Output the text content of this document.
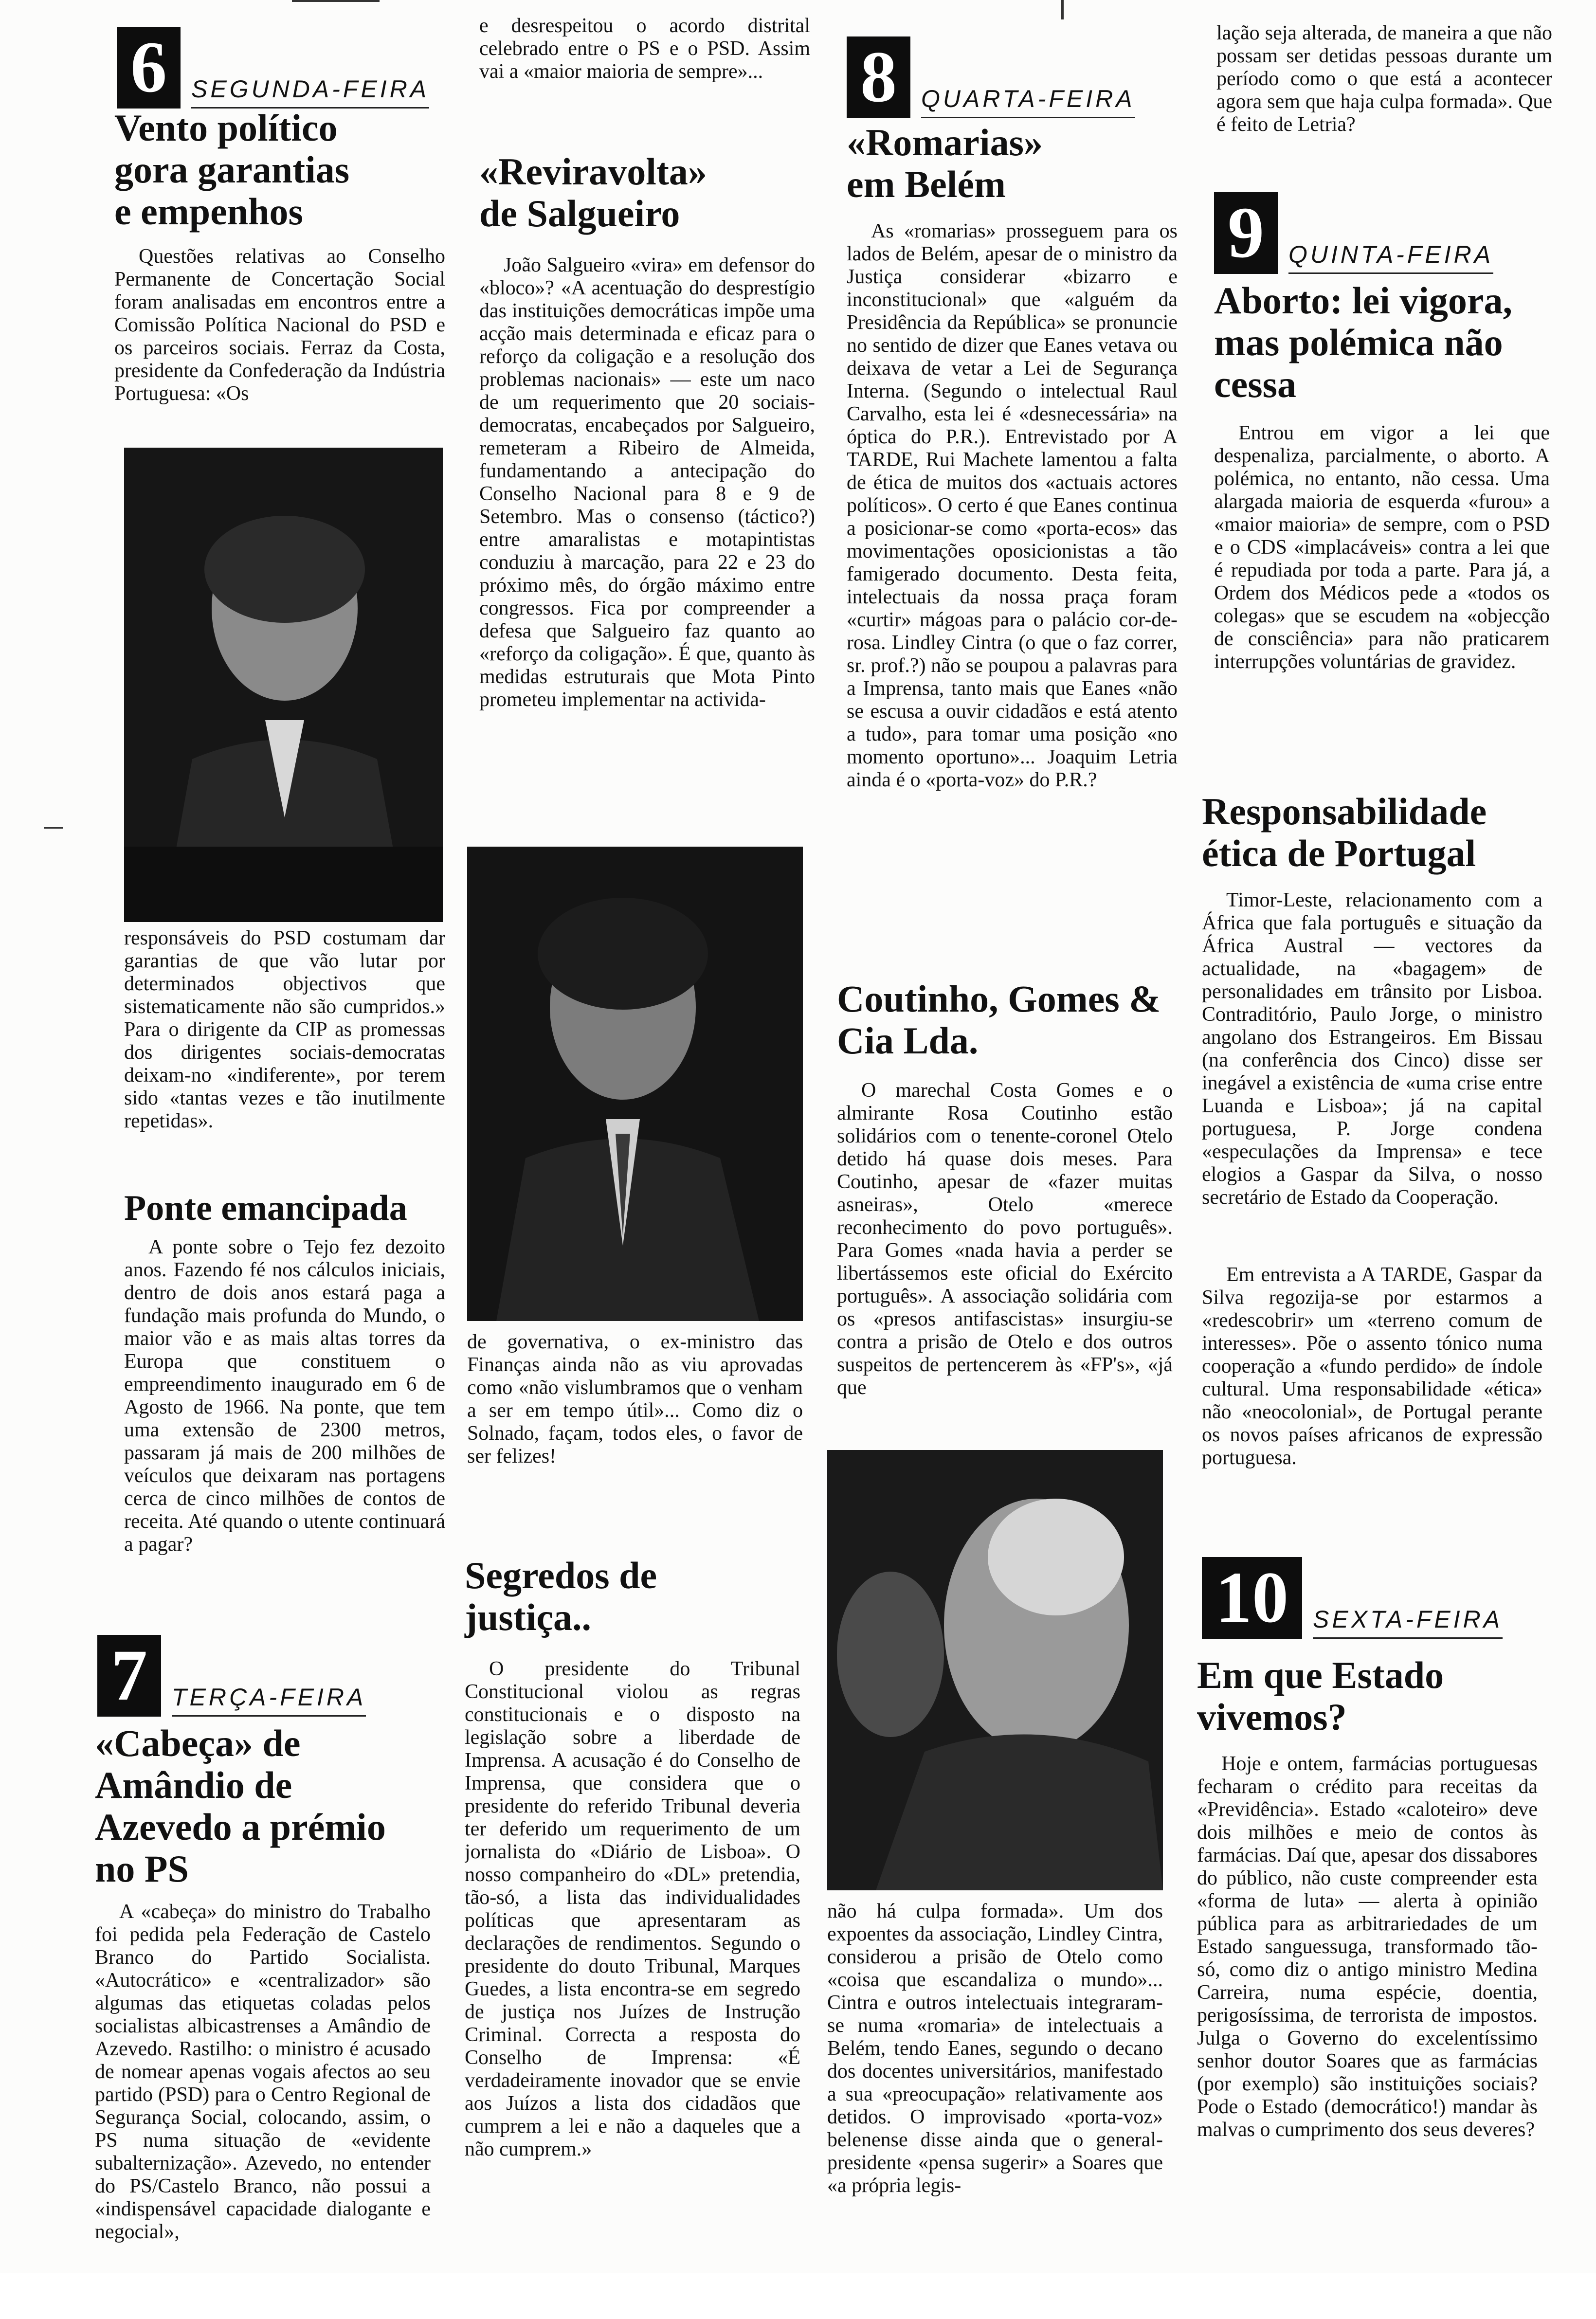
6	SEGUNDA-FEIRA
Vento político gora garantias e empenhos

Questões relativas ao Conselho Permanente de Concertação Social foram analisadas em encontros entre a Comissão Política Nacional do PSD e os parceiros sociais. Ferraz da Costa, presidente da Confederação da Indústria Portuguesa: «Os

responsáveis do PSD costumam dar garantias de que vão lutar por determinados objectivos que sistematicamente não são cumpridos.» Para o dirigente da CIP as promessas dos dirigentes sociais-democratas deixam-no «indiferente», por terem sido «tantas vezes e tão inutilmente repetidas».

Ponte emancipada

A ponte sobre o Tejo fez dezoito anos. Fazendo fé nos cálculos iniciais, dentro de dois anos estará paga a fundação mais profunda do Mundo, o maior vão e as mais altas torres da Europa que constituem o empreendimento inaugurado em 6 de Agosto de 1966. Na ponte, que tem uma extensão de 2300 metros, passaram já mais de 200 milhões de veículos que deixaram nas portagens cerca de cinco milhões de contos de receita. Até quando o utente continuará a pagar?

7	TERÇA-FEIRA
«Cabeça» de Amândio de Azevedo a prémio no PS

A «cabeça» do ministro do Trabalho foi pedida pela Federação de Castelo Branco do Partido Socialista. «Autocrático» e «centralizador» são algumas das etiquetas coladas pelos socialistas albicastrenses a Amândio de Azevedo. Rastilho: o ministro é acusado de nomear apenas vogais afectos ao seu partido (PSD) para o Centro Regional de Segurança Social, colocando, assim, o PS numa situação de «evidente subalternização». Azevedo, no entender do PS/Castelo Branco, não possui a «indispensável capacidade dialogante e negocial»,

e desrespeitou o acordo distrital celebrado entre o PS e o PSD. Assim vai a «maior maioria de sempre»...

«Reviravolta» de Salgueiro

João Salgueiro «vira» em defensor do «bloco»? «A acentuação do desprestígio das instituições democráticas impõe uma acção mais determinada e eficaz para o reforço da coligação e a resolução dos problemas nacionais» — este um naco de um requerimento que 20 sociais-democratas, encabeçados por Salgueiro, remeteram a Ribeiro de Almeida, fundamentando a antecipação do Conselho Nacional para 8 e 9 de Setembro. Mas o consenso (táctico?) entre amaralistas e motapintistas conduziu à marcação, para 22 e 23 do próximo mês, do órgão máximo entre congressos. Fica por compreender a defesa que Salgueiro faz quanto ao «reforço da coligação». É que, quanto às medidas estruturais que Mota Pinto prometeu implementar na activida-

de governativa, o ex-ministro das Finanças ainda não as viu aprovadas como «não vislumbramos que o venham a ser em tempo útil»... Como diz o Solnado, façam, todos eles, o favor de ser felizes!

Segredos de justiça..

O presidente do Tribunal Constitucional violou as regras constitucionais e o disposto na legislação sobre a liberdade de Imprensa. A acusação é do Conselho de Imprensa, que considera que o presidente do referido Tribunal deveria ter deferido um requerimento de um jornalista do «Diário de Lisboa». O nosso companheiro do «DL» pretendia, tão-só, a lista das individualidades políticas que apresentaram as declarações de rendimentos. Segundo o presidente do douto Tribunal, Marques Guedes, a lista encontra-se em segredo de justiça nos Juízes de Instrução Criminal. Correcta a resposta do Conselho de Imprensa: «É verdadeiramente inovador que se envie aos Juízos a lista dos cidadãos que cumprem a lei e não a daqueles que a não cumprem.»

8	QUARTA-FEIRA
«Romarias» em Belém

As «romarias» prosseguem para os lados de Belém, apesar de o ministro da Justiça considerar «bizarro e inconstitucional» que «alguém da Presidência da República» se pronuncie no sentido de dizer que Eanes vetava ou deixava de vetar a Lei de Segurança Interna. (Segundo o intelectual Raul Carvalho, esta lei é «desnecessária» na óptica do P.R.). Entrevistado por A TARDE, Rui Machete lamentou a falta de ética de muitos dos «actuais actores políticos». O certo é que Eanes continua a posicionar-se como «porta-ecos» das movimentações oposicionistas a tão famigerado documento. Desta feita, intelectuais da nossa praça foram «curtir» mágoas para o palácio cor-de-rosa. Lindley Cintra (o que o faz correr, sr. prof.?) não se poupou a palavras para a Imprensa, tanto mais que Eanes «não se escusa a ouvir cidadãos e está atento a tudo», para tomar uma posição «no momento oportuno»... Joaquim Letria ainda é o «porta-voz» do P.R.?

Coutinho, Gomes & Cia Lda.

O marechal Costa Gomes e o almirante Rosa Coutinho estão solidários com o tenente-coronel Otelo detido há quase dois meses. Para Coutinho, apesar de «fazer muitas asneiras», Otelo «merece reconhecimento do povo português». Para Gomes «nada havia a perder se libertássemos este oficial do Exército português». A associação solidária com os «presos antifascistas» insurgiu-se contra a prisão de Otelo e dos outros suspeitos de pertencerem às «FP's», «já que

não há culpa formada». Um dos expoentes da associação, Lindley Cintra, considerou a prisão de Otelo como «coisa que escandaliza o mundo»... Cintra e outros intelectuais integraram-se numa «romaria» de intelectuais a Belém, tendo Eanes, segundo o decano dos docentes universitários, manifestado a sua «preocupação» relativamente aos detidos. O improvisado «porta-voz» belenense disse ainda que o general-presidente «pensa sugerir» a Soares que «a própria legis-

lação seja alterada, de maneira a que não possam ser detidas pessoas durante um período como o que está a acontecer agora sem que haja culpa formada». Que é feito de Letria?

9	QUINTA-FEIRA
Aborto: lei vigora, mas polémica não cessa

Entrou em vigor a lei que despenaliza, parcialmente, o aborto. A polémica, no entanto, não cessa. Uma alargada maioria de esquerda «furou» a «maior maioria» de sempre, com o PSD e o CDS «implacáveis» contra a lei que é repudiada por toda a parte. Para já, a Ordem dos Médicos pede a «todos os colegas» que se escudem na «objecção de consciência» para não praticarem interrupções voluntárias de gravidez.

Responsabilidade ética de Portugal

Timor-Leste, relacionamento com a África que fala português e situação da África Austral — vectores da actualidade, na «bagagem» de personalidades em trânsito por Lisboa. Contraditório, Paulo Jorge, o ministro angolano dos Estrangeiros. Em Bissau (na conferência dos Cinco) disse ser inegável a existência de «uma crise entre Luanda e Lisboa»; já na capital portuguesa, P. Jorge condena «especulações da Imprensa» e tece elogios a Gaspar da Silva, o nosso secretário de Estado da Cooperação.

Em entrevista a A TARDE, Gaspar da Silva regozija-se por estarmos a «redescobrir» um «terreno comum de interesses». Põe o assento tónico numa cooperação a «fundo perdido» de índole cultural. Uma responsabilidade «ética» não «neocolonial», de Portugal perante os novos países africanos de expressão portuguesa.

10	SEXTA-FEIRA
Em que Estado vivemos?

Hoje e ontem, farmácias portuguesas fecharam o crédito para receitas da «Previdência». Estado «caloteiro» deve dois milhões e meio de contos às farmácias. Daí que, apesar dos dissabores do público, não custe compreender esta «forma de luta» — alerta à opinião pública para as arbitrariedades de um Estado sanguessuga, transformado tão-só, como diz o antigo ministro Medina Carreira, numa espécie, doentia, perigosíssima, de terrorista de impostos. Julga o Governo do excelentíssimo senhor doutor Soares que as farmácias (por exemplo) são instituições sociais? Pode o Estado (democrático!) mandar às malvas o cumprimento dos seus deveres?
